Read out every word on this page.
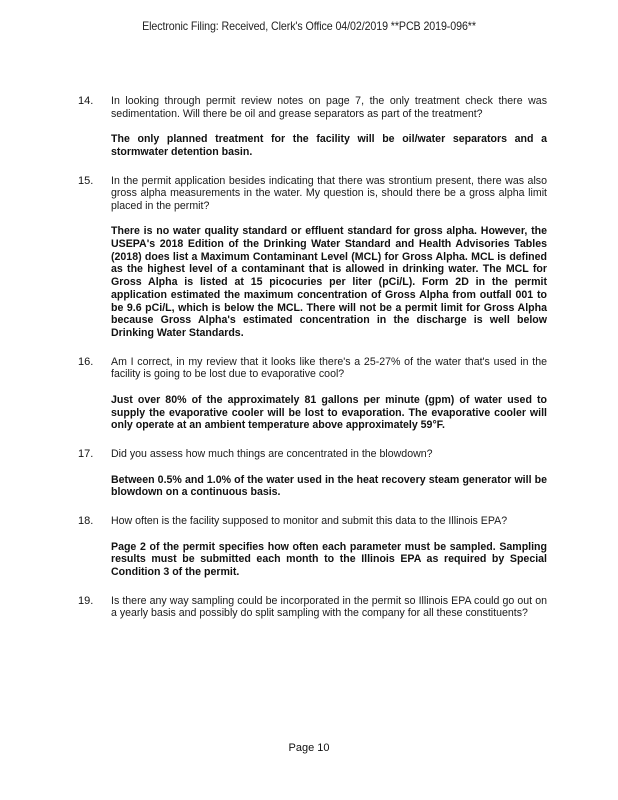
Electronic Filing: Received, Clerk's Office 04/02/2019 **PCB 2019-096**
14. In looking through permit review notes on page 7, the only treatment check there was sedimentation. Will there be oil and grease separators as part of the treatment?
The only planned treatment for the facility will be oil/water separators and a stormwater detention basin.
15. In the permit application besides indicating that there was strontium present, there was also gross alpha measurements in the water. My question is, should there be a gross alpha limit placed in the permit?
There is no water quality standard or effluent standard for gross alpha. However, the USEPA's 2018 Edition of the Drinking Water Standard and Health Advisories Tables (2018) does list a Maximum Contaminant Level (MCL) for Gross Alpha. MCL is defined as the highest level of a contaminant that is allowed in drinking water. The MCL for Gross Alpha is listed at 15 picocuries per liter (pCi/L). Form 2D in the permit application estimated the maximum concentration of Gross Alpha from outfall 001 to be 9.6 pCi/L, which is below the MCL. There will not be a permit limit for Gross Alpha because Gross Alpha's estimated concentration in the discharge is well below Drinking Water Standards.
16. Am I correct, in my review that it looks like there's a 25-27% of the water that's used in the facility is going to be lost due to evaporative cool?
Just over 80% of the approximately 81 gallons per minute (gpm) of water used to supply the evaporative cooler will be lost to evaporation. The evaporative cooler will only operate at an ambient temperature above approximately 59°F.
17. Did you assess how much things are concentrated in the blowdown?
Between 0.5% and 1.0% of the water used in the heat recovery steam generator will be blowdown on a continuous basis.
18. How often is the facility supposed to monitor and submit this data to the Illinois EPA?
Page 2 of the permit specifies how often each parameter must be sampled. Sampling results must be submitted each month to the Illinois EPA as required by Special Condition 3 of the permit.
19. Is there any way sampling could be incorporated in the permit so Illinois EPA could go out on a yearly basis and possibly do split sampling with the company for all these constituents?
Page 10
